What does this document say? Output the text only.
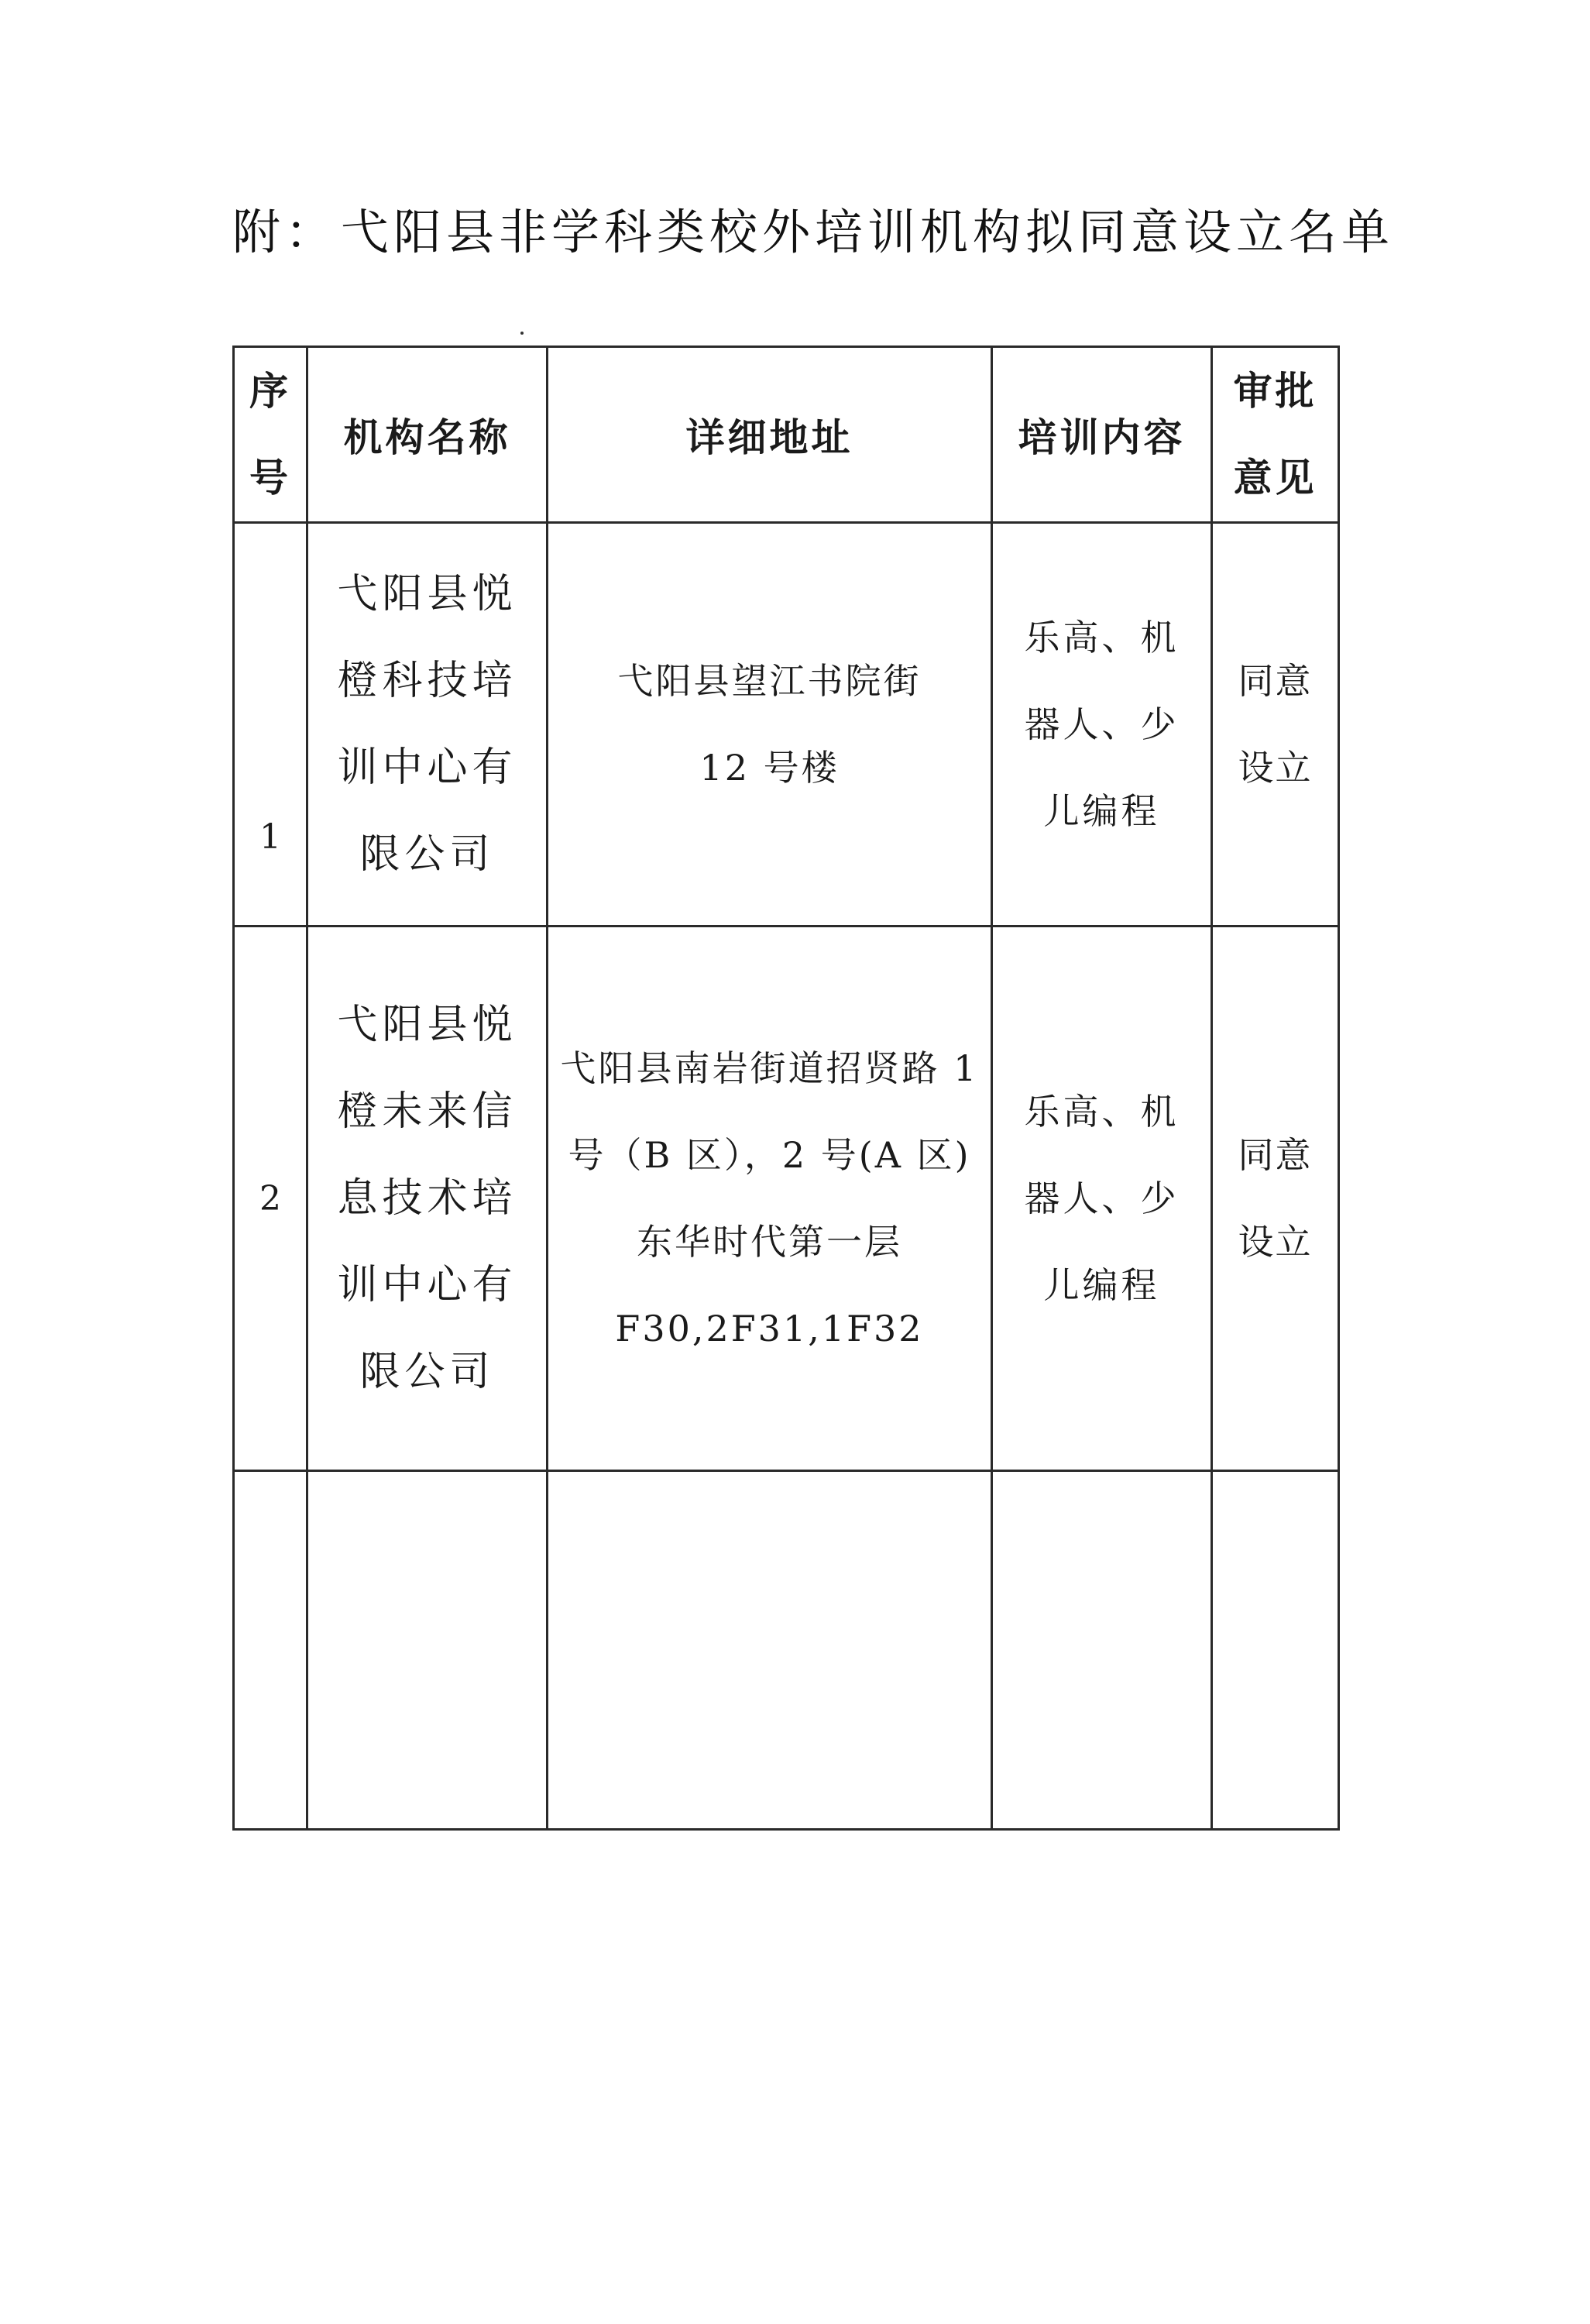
附：弋阳县非学科类校外培训机构拟同意设立名单
序号	机构名称	详细地址	培训内容	审批意见
1	弋阳县悦橙科技培训中心有限公司	弋阳县望江书院街
12 号楼	乐高、机器人、少儿编程	同意设立
2	弋阳县悦橙未来信息技术培训中心有限公司	弋阳县南岩街道招贤路 1
号（B 区），2 号(A 区)
东华时代第一层
F30,2F31,1F32	乐高、机器人、少儿编程	同意设立
